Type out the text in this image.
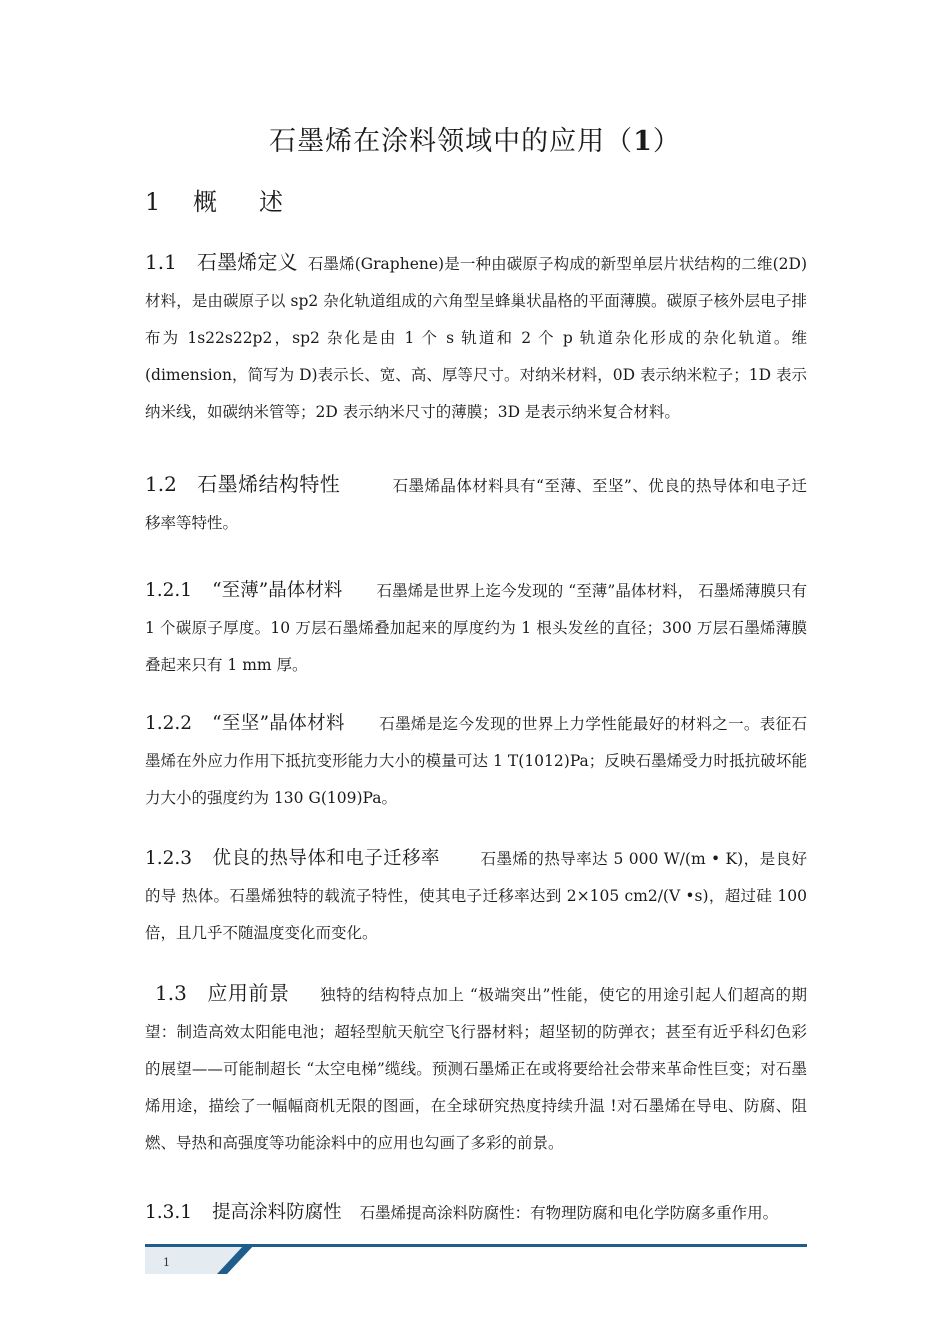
石墨烯在涂料领域中的应用（1）
1 概 述

1.1 石墨烯定义 石墨烯(Graphene)是一种由碳原子构成的新型单层片状结构的二维(2D)材料，是由碳原子以 sp2 杂化轨道组成的六角型呈蜂巢状晶格的平面薄膜。碳原子核外层电子排布为 1s22s22p2，sp2 杂化是由 1 个 s 轨道和 2 个 p 轨道杂化形成的杂化轨道。维(dimension，简写为 D)表示长、宽、高、厚等尺寸。对纳米材料，0D 表示纳米粒子；1D 表示纳米线，如碳纳米管等；2D 表示纳米尺寸的薄膜；3D 是表示纳米复合材料。

1.2 石墨烯结构特性	石墨烯晶体材料具有“至薄、至坚”、优良的热导体和电子迁移率等特性。

1.2.1 “至薄”晶体材料 石墨烯是世界上迄今发现的 “至薄”晶体材料， 石墨烯薄膜只有 1 个碳原子厚度。10 万层石墨烯叠加起来的厚度约为 1 根头发丝的直径；300 万层石墨烯薄膜叠起来只有 1 mm 厚。

1.2.2 “至坚”晶体材料 石墨烯是迄今发现的世界上力学性能最好的材料之一。表征石墨烯在外应力作用下抵抗变形能力大小的模量可达 1 T(1012)Pa；反映石墨烯受力时抵抗破坏能力大小的强度约为 130 G(109)Pa。

1.2.3 优良的热导体和电子迁移率	石墨烯的热导率达 5 000 W/(m • K)，是良好的导 热体。石墨烯独特的载流子特性，使其电子迁移率达到 2×105 cm2/(V •s)，超过硅 100 倍，且几乎不随温度变化而变化。

1.3 应用前景 独特的结构特点加上 “极端突出”性能，使它的用途引起人们超高的期望：制造高效太阳能电池；超轻型航天航空飞行器材料；超坚韧的防弹衣；甚至有近乎科幻色彩的展望——可能制超长 “太空电梯”缆线。预测石墨烯正在或将要给社会带来革命性巨变；对石墨烯用途，描绘了一幅幅商机无限的图画，在全球研究热度持续升温 !对石墨烯在导电、防腐、阻燃、导热和高强度等功能涂料中的应用也勾画了多彩的前景。

1.3.1 提高涂料防腐性 石墨烯提高涂料防腐性：有物理防腐和电化学防腐多重作用。

1
